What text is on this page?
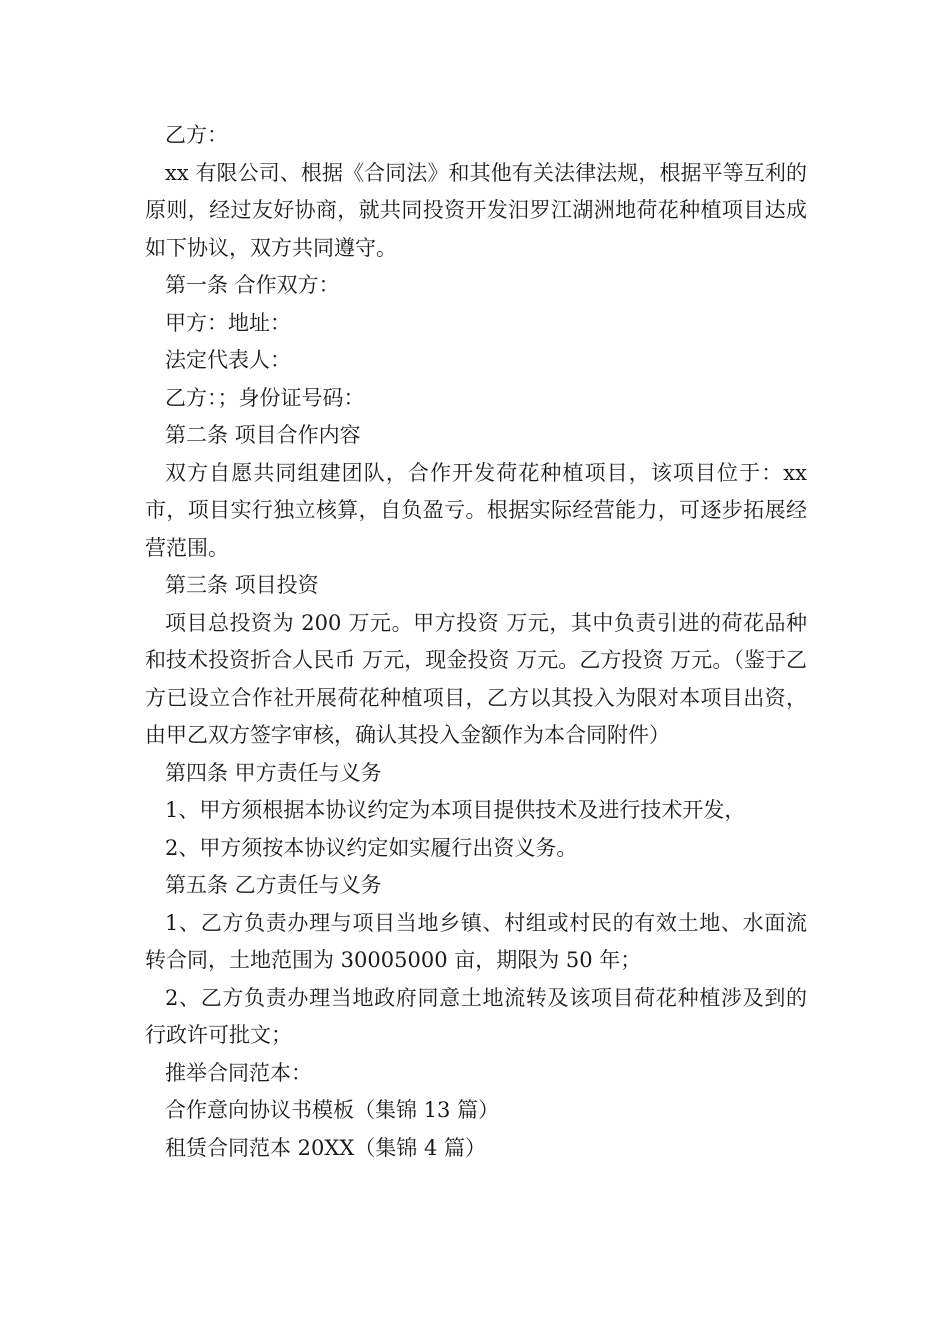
乙方：

xx 有限公司、根据《合同法》和其他有关法律法规，根据平等互利的原则，经过友好协商，就共同投资开发汨罗江湖洲地荷花种植项目达成如下协议，双方共同遵守。

第一条 合作双方：

甲方：地址：

法定代表人：

乙方：；身份证号码：

第二条 项目合作内容

双方自愿共同组建团队，合作开发荷花种植项目，该项目位于：xx 市，项目实行独立核算，自负盈亏。根据实际经营能力，可逐步拓展经营范围。

第三条 项目投资

项目总投资为 200 万元。甲方投资 万元，其中负责引进的荷花品种和技术投资折合人民币 万元，现金投资 万元。乙方投资 万元。（鉴于乙方已设立合作社开展荷花种植项目，乙方以其投入为限对本项目出资，由甲乙双方签字审核，确认其投入金额作为本合同附件）

第四条 甲方责任与义务

1、甲方须根据本协议约定为本项目提供技术及进行技术开发，

2、甲方须按本协议约定如实履行出资义务。

第五条 乙方责任与义务

1、乙方负责办理与项目当地乡镇、村组或村民的有效土地、水面流转合同，土地范围为 30005000 亩，期限为 50 年；

2、乙方负责办理当地政府同意土地流转及该项目荷花种植涉及到的行政许可批文；

推举合同范本：

合作意向协议书模板（集锦 13 篇）

租赁合同范本 20XX（集锦 4 篇）
